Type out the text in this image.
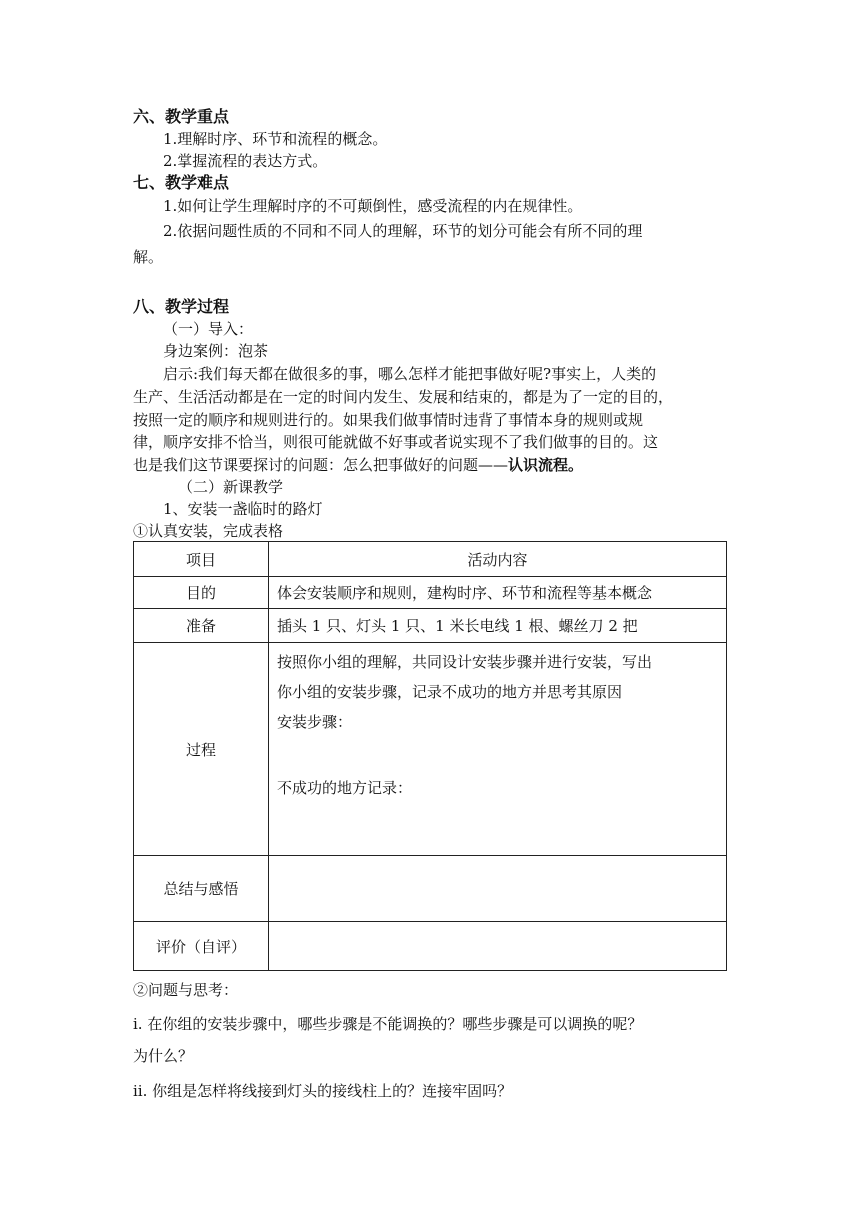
六、教学重点
1.理解时序、环节和流程的概念。
2.掌握流程的表达方式。
七、教学难点
1.如何让学生理解时序的不可颠倒性，感受流程的内在规律性。
2.依据问题性质的不同和不同人的理解，环节的划分可能会有所不同的理
解。
八、教学过程
（一）导入：
身边案例：泡茶
启示:我们每天都在做很多的事，哪么怎样才能把事做好呢?事实上，人类的
生产、生活活动都是在一定的时间内发生、发展和结束的，都是为了一定的目的，
按照一定的顺序和规则进行的。如果我们做事情时违背了事情本身的规则或规
律，顺序安排不恰当，则很可能就做不好事或者说实现不了我们做事的目的。这
也是我们这节课要探讨的问题：怎么把事做好的问题——认识流程。
（二）新课教学
1、安装一盏临时的路灯
①认真安装，完成表格
项目	活动内容
目的	体会安装顺序和规则，建构时序、环节和流程等基本概念
准备	插头 1 只、灯头 1 只、1 米长电线 1 根、螺丝刀 2 把
过程	按照你小组的理解，共同设计安装步骤并进行安装，写出

你小组的安装步骤，记录不成功的地方并思考其原因

安装步骤：

不成功的地方记录：

总结与感悟	
评价（自评）	
②问题与思考：
ⅰ. 在你组的安装步骤中，哪些步骤是不能调换的？哪些步骤是可以调换的呢？
为什么？
ⅱ. 你组是怎样将线接到灯头的接线柱上的？连接牢固吗？
